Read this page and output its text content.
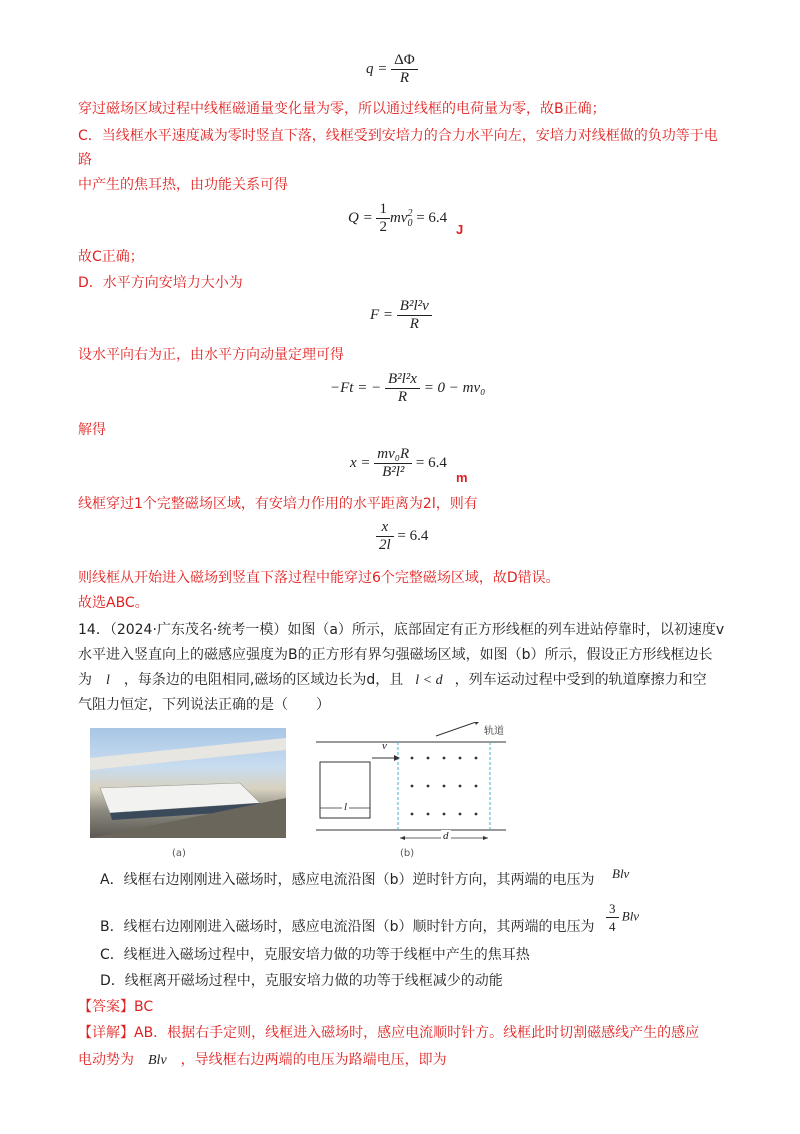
$q = \frac{\Delta\Phi}{R}$
穿过磁场区域过程中线框磁通量变化量为零，所以通过线框的电荷量为零，故B正确；
C．当线框水平速度减为零时竖直下落，线框受到安培力的合力水平向左，安培力对线框做的负功等于电
路
中产生的焦耳热，由功能关系可得
$Q = \frac{1}{2} mv_0^2 = 6.4$
J
故C正确；
D．水平方向安培力大小为
$F = \frac{\text{B²l²v}}{R}$
设水平向右为正，由水平方向动量定理可得
−Ft = − $\frac{\text{B²l²x}}{R} = 0 - mv_0$
解得
$x = \frac{\text{mv₀R}}{\text{B²l²}} = 6.4$
m
线框穿过1个完整磁场区域，有安培力作用的水平距离为2l，则有
$\frac{x}{2l} = 6.4$
则线框从开始进入磁场到竖直下落过程中能穿过6个完整磁场区域，故D错误。
故选ABC。
14．（2024·广东茂名·统考一模）如图（a）所示，底部固定有正方形线框的列车进站停靠时，以初速度v
水平进入竖直向上的磁感应强度为B的正方形有界匀强磁场区域，如图（b）所示，假设正方形线框边长
为 l ，每条边的电阻相同,磁场的区域边长为d，且 l < d ，列车运动过程中受到的轨道摩擦力和空
气阻力恒定，下列说法正确的是（　　）
(a)
v
l
d
轨道
(b)
A．线框右边刚刚进入磁场时，感应电流沿图（b）逆时针方向，其两端的电压为 Blv
B．线框右边刚刚进入磁场时，感应电流沿图（b）顺时针方向，其两端的电压为 $\frac{3}{4}$ Blv
C．线框进入磁场过程中，克服安培力做的功等于线框中产生的焦耳热
D．线框离开磁场过程中，克服安培力做的功等于线框减少的动能
【答案】BC
【详解】AB．根据右手定则，线框进入磁场时，感应电流顺时针方。线框此时切割磁感线产生的感应
电动势为 Blv ，导线框右边两端的电压为路端电压，即为
